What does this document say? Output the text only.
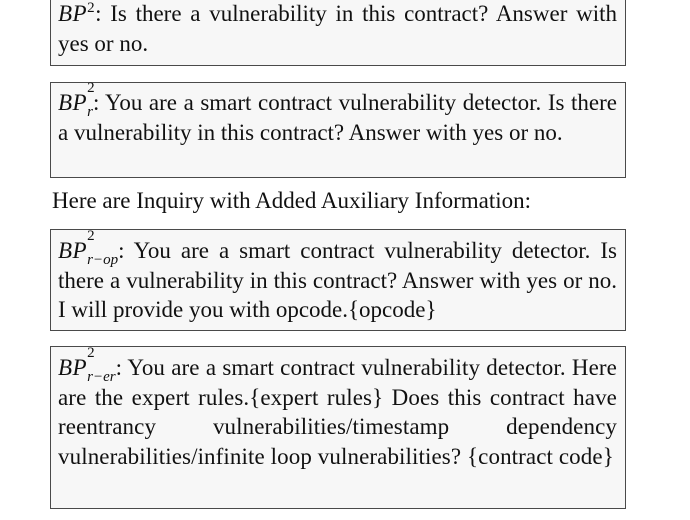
$BP^2$: Is there a vulnerability in this contract? Answer with yes or no.
BP
2
r: You are a smart contract vulnerability detector. Is there a vulnerability in this contract? Answer with yes or no.
Here are Inquiry with Added Auxiliary Information:
BP
2
r−op: You are a smart contract vulnerability detector. Is there a vulnerability in this contract? Answer with yes or no. I will provide you with opcode.{opcode}
BP
2
r−er: You are a smart contract vulnerability detector. Here are the expert rules.{expert rules} Does this contract have reentrancy vulnerabilities/timestamp dependency vulnerabilities/infinite loop vulnerabilities? {contract code}
